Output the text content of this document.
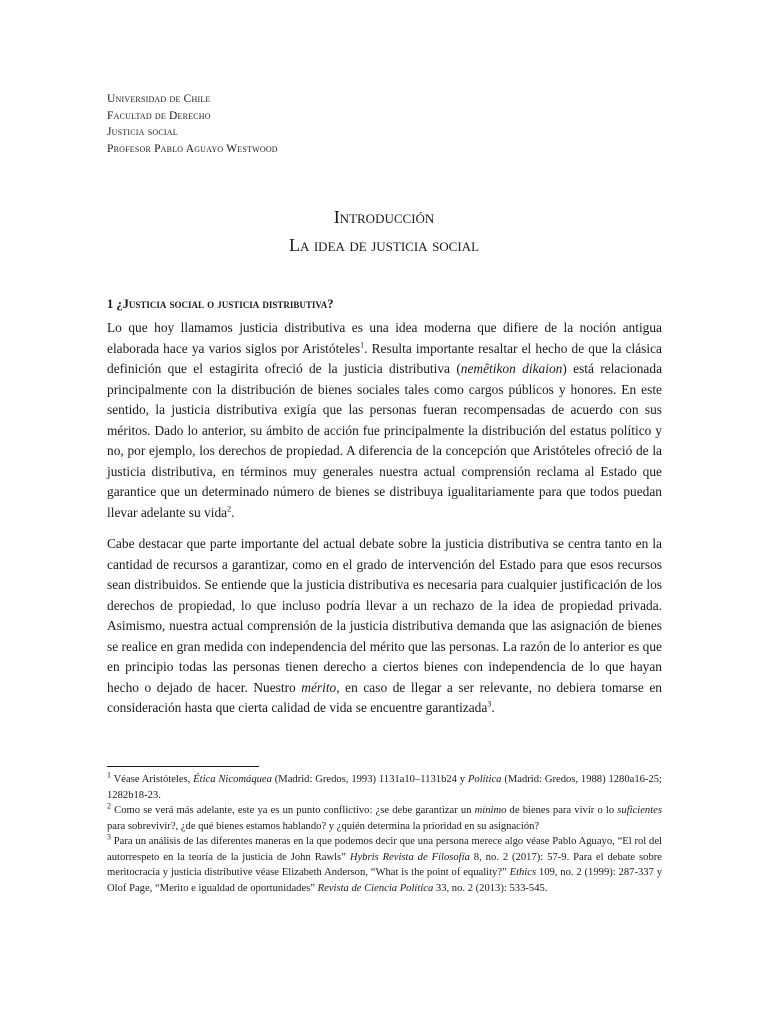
Universidad de Chile
Facultad de Derecho
Justicia social
Profesor Pablo Aguayo Westwood
Introducción
La idea de justicia social
1 ¿Justicia social o justicia distributiva?
Lo que hoy llamamos justicia distributiva es una idea moderna que difiere de la noción antigua elaborada hace ya varios siglos por Aristóteles$^1$. Resulta importante resaltar el hecho de que la clásica definición que el estagirita ofreció de la justicia distributiva (nemêtikon dikaion) está relacionada principalmente con la distribución de bienes sociales tales como cargos públicos y honores. En este sentido, la justicia distributiva exigía que las personas fueran recompensadas de acuerdo con sus méritos. Dado lo anterior, su ámbito de acción fue principalmente la distribución del estatus político y no, por ejemplo, los derechos de propiedad. A diferencia de la concepción que Aristóteles ofreció de la justicia distributiva, en términos muy generales nuestra actual comprensión reclama al Estado que garantice que un determinado número de bienes se distribuya igualitariamente para que todos puedan llevar adelante su vida$^2$.
Cabe destacar que parte importante del actual debate sobre la justicia distributiva se centra tanto en la cantidad de recursos a garantizar, como en el grado de intervención del Estado para que esos recursos sean distribuidos. Se entiende que la justicia distributiva es necesaria para cualquier justificación de los derechos de propiedad, lo que incluso podría llevar a un rechazo de la idea de propiedad privada. Asimismo, nuestra actual comprensión de la justicia distributiva demanda que las asignación de bienes se realice en gran medida con independencia del mérito que las personas. La razón de lo anterior es que en principio todas las personas tienen derecho a ciertos bienes con independencia de lo que hayan hecho o dejado de hacer. Nuestro mérito, en caso de llegar a ser relevante, no debiera tomarse en consideración hasta que cierta calidad de vida se encuentre garantizada$^3$.
$^1$ Véase Aristóteles, Ética Nicomáquea (Madrid: Gredos, 1993) 1131a10–1131b24 y Política (Madrid: Gredos, 1988) 1280a16-25; 1282b18-23.
$^2$ Como se verá más adelante, este ya es un punto conflictivo: ¿se debe garantizar un mínimo de bienes para vivir o lo suficientes para sobrevivir?, ¿de qué bienes estamos hablando? y ¿quién determina la prioridad en su asignación?
$^3$ Para un análisis de las diferentes maneras en la que podemos decir que una persona merece algo véase Pablo Aguayo, “El rol del autorrespeto en la teoría de la justicia de John Rawls” Hybris Revista de Filosofía 8, no. 2 (2017): 57-9. Para el debate sobre meritocracia y justicia distributive véase Elizabeth Anderson, “What is the point of equality?” Ethics 109, no. 2 (1999): 287-337 y Olof Page, “Merito e igualdad de oportunidades” Revista de Ciencia Política 33, no. 2 (2013): 533-545.
